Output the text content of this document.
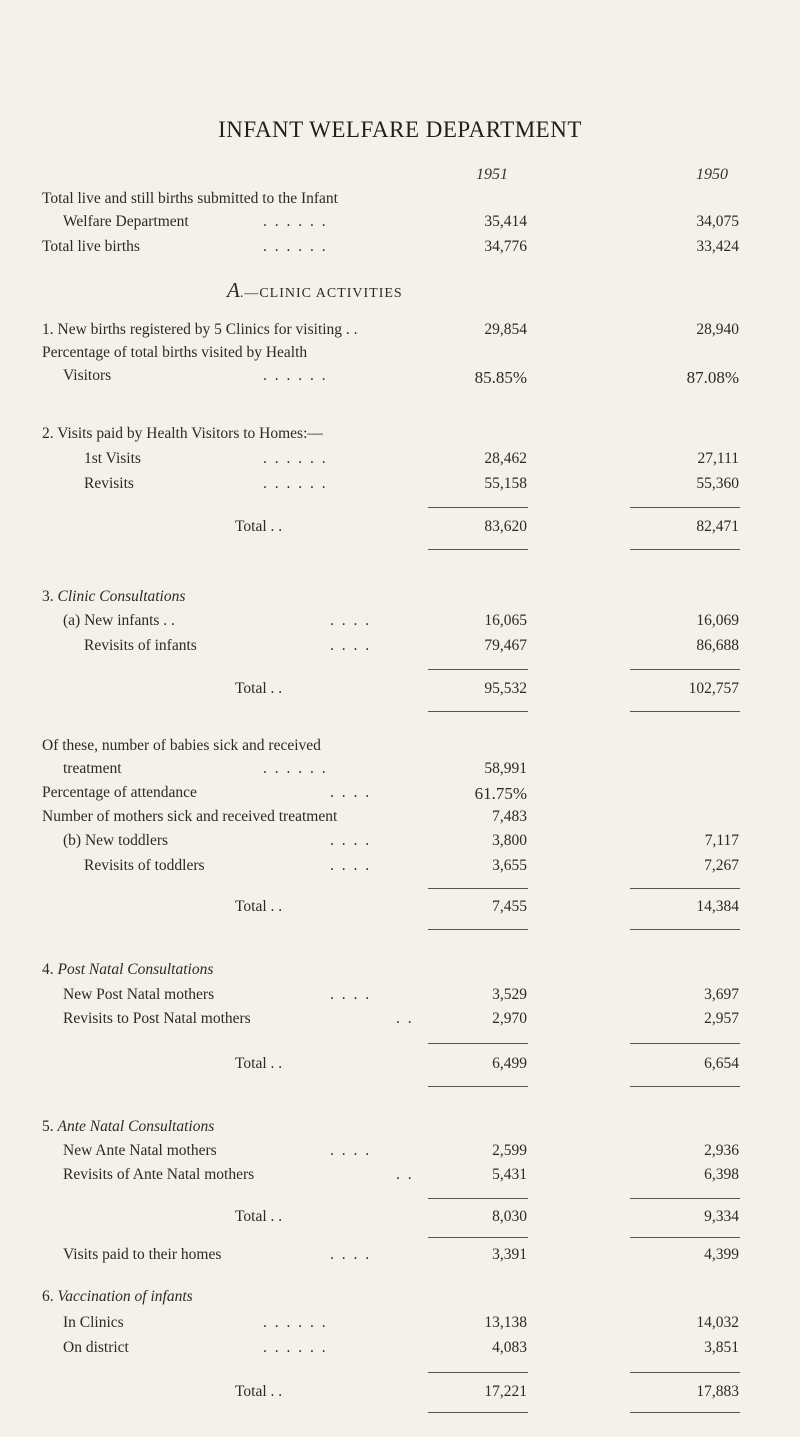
INFANT WELFARE DEPARTMENT
1951	1950
Total live and still births submitted to the Infant
Welfare Department	. . . . . .	35,414	34,075
Total live births	. . . . . .	34,776	33,424
A.—CLINIC ACTIVITIES
1. New births registered by 5 Clinics for visiting . .	29,854	28,940
Percentage of total births visited by Health
Visitors	. . . . . .	85.85%	87.08%
2. Visits paid by Health Visitors to Homes:—
1st Visits	. . . . . .	28,462	27,111
Revisits	. . . . . .	55,158	55,360
Total . .	83,620	82,471
3. Clinic Consultations
(a) New infants . .	. . . .	16,065	16,069
Revisits of infants	. . . .	79,467	86,688
Total . .	95,532	102,757
Of these, number of babies sick and received
treatment	. . . . . .	58,991
Percentage of attendance	. . . .	61.75%
Number of mothers sick and received treatment	7,483
(b) New toddlers	. . . .	3,800	7,117
Revisits of toddlers	. . . .	3,655	7,267
Total . .	7,455	14,384
4. Post Natal Consultations
New Post Natal mothers	. . . .	3,529	3,697
Revisits to Post Natal mothers	. .	2,970	2,957
Total . .	6,499	6,654
5. Ante Natal Consultations
New Ante Natal mothers	. . . .	2,599	2,936
Revisits of Ante Natal mothers	. .	5,431	6,398
Total . .	8,030	9,334
Visits paid to their homes	. . . .	3,391	4,399
6. Vaccination of infants
In Clinics	. . . . . .	13,138	14,032
On district	. . . . . .	4,083	3,851
Total . .	17,221	17,883
